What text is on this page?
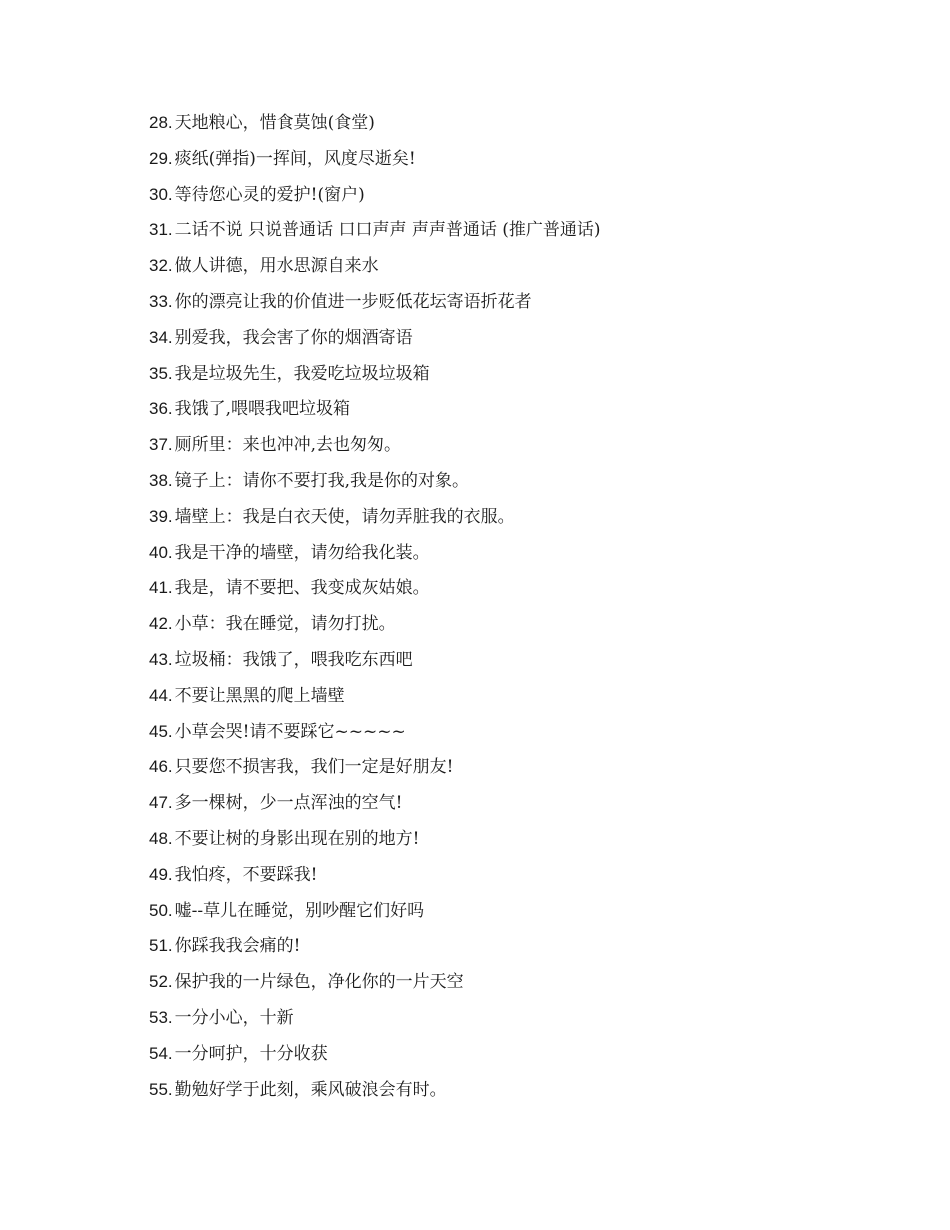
28. 天地粮心，惜食莫蚀(食堂)
29. 痰纸(弹指)一挥间，风度尽逝矣!
30. 等待您心灵的爱护!(窗户)
31. 二话不说 只说普通话 口口声声 声声普通话 (推广普通话)
32. 做人讲德，用水思源自来水
33. 你的漂亮让我的价值进一步贬低花坛寄语折花者
34. 别爱我，我会害了你的烟酒寄语
35. 我是垃圾先生，我爱吃垃圾垃圾箱
36. 我饿了,喂喂我吧垃圾箱
37. 厕所里：来也冲冲,去也匆匆。
38. 镜子上：请你不要打我,我是你的对象。
39. 墙壁上：我是白衣天使，请勿弄脏我的衣服。
40. 我是干净的墙壁，请勿给我化装。
41. 我是，请不要把、我变成灰姑娘。
42. 小草：我在睡觉，请勿打扰。
43. 垃圾桶：我饿了，喂我吃东西吧
44. 不要让黑黑的爬上墙壁
45. 小草会哭!请不要踩它~~~~~
46. 只要您不损害我，我们一定是好朋友!
47. 多一棵树，少一点浑浊的空气!
48. 不要让树的身影出现在别的地方!
49. 我怕疼，不要踩我!
50. 嘘--草儿在睡觉，别吵醒它们好吗
51. 你踩我我会痛的!
52. 保护我的一片绿色，净化你的一片天空
53. 一分小心，十新
54. 一分呵护，十分收获
55. 勤勉好学于此刻，乘风破浪会有时。
